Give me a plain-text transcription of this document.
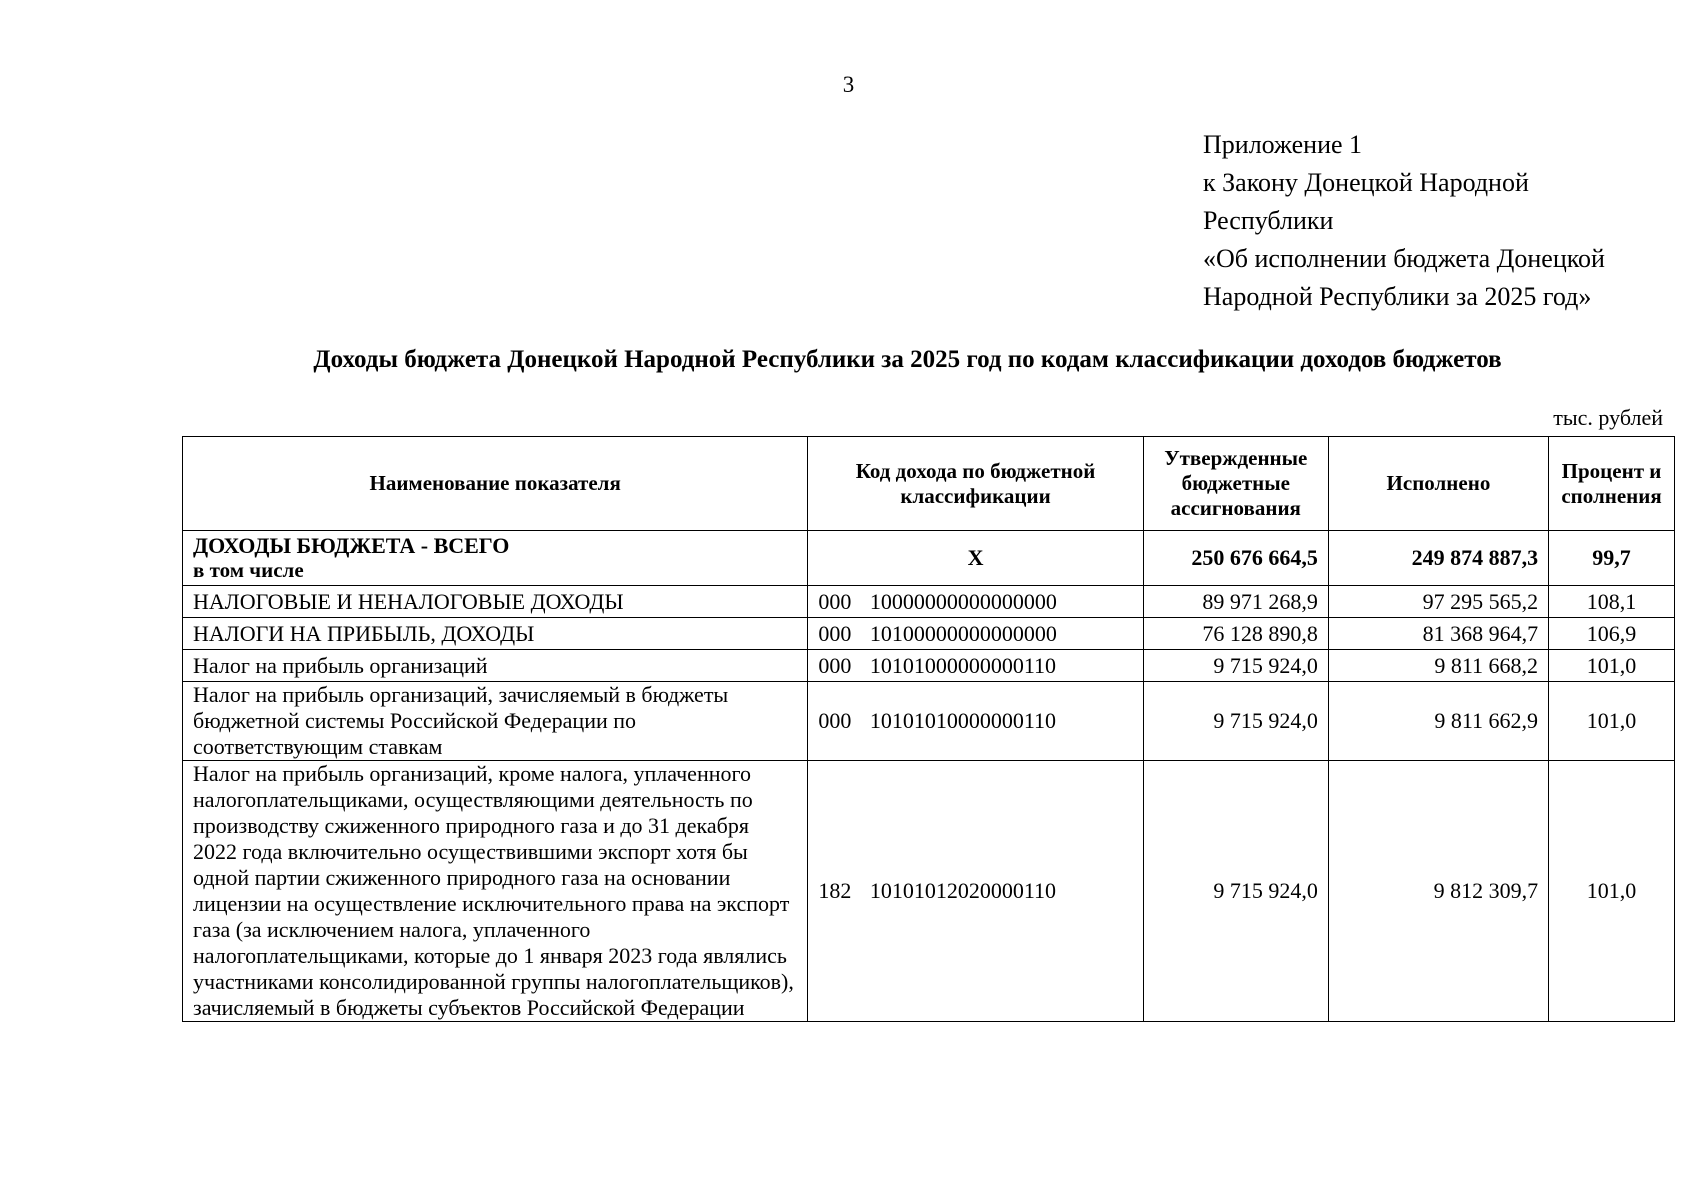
3
Приложение 1
к Закону Донецкой Народной
Республики
«Об исполнении бюджета Донецкой
Народной Республики за 2025 год»
Доходы бюджета Донецкой Народной Республики за 2025 год по кодам классификации доходов бюджетов
тыс. рублей
Наименование показателя	Код дохода по бюджетной классификации	Утвержденные бюджетные ассигнования	Исполнено	Процент исполнения

ДОХОДЫ БЮДЖЕТА - ВСЕГО
в том числе	Х	250 676 664,5	249 874 887,3	99,7
НАЛОГОВЫЕ И НЕНАЛОГОВЫЕ ДОХОДЫ	000 10000000000000000	89 971 268,9	97 295 565,2	108,1
НАЛОГИ НА ПРИБЫЛЬ, ДОХОДЫ	000 10100000000000000	76 128 890,8	81 368 964,7	106,9
Налог на прибыль организаций	000 10101000000000110	9 715 924,0	9 811 668,2	101,0
Налог на прибыль организаций, зачисляемый в бюджеты бюджетной системы Российской Федерации по соответствующим ставкам	000 10101010000000110	9 715 924,0	9 811 662,9	101,0
Налог на прибыль организаций, кроме налога, уплаченного налогоплательщиками, осуществляющими деятельность по производству сжиженного природного газа и до 31 декабря 2022 года включительно осуществившими экспорт хотя бы одной партии сжиженного природного газа на основании лицензии на осуществление исключительного права на экспорт газа (за исключением налога, уплаченного налогоплательщиками, которые до 1 января 2023 года являлись участниками консолидированной группы налогоплательщиков), зачисляемый в бюджеты субъектов Российской Федерации	182 10101012020000110	9 715 924,0	9 812 309,7	101,0
